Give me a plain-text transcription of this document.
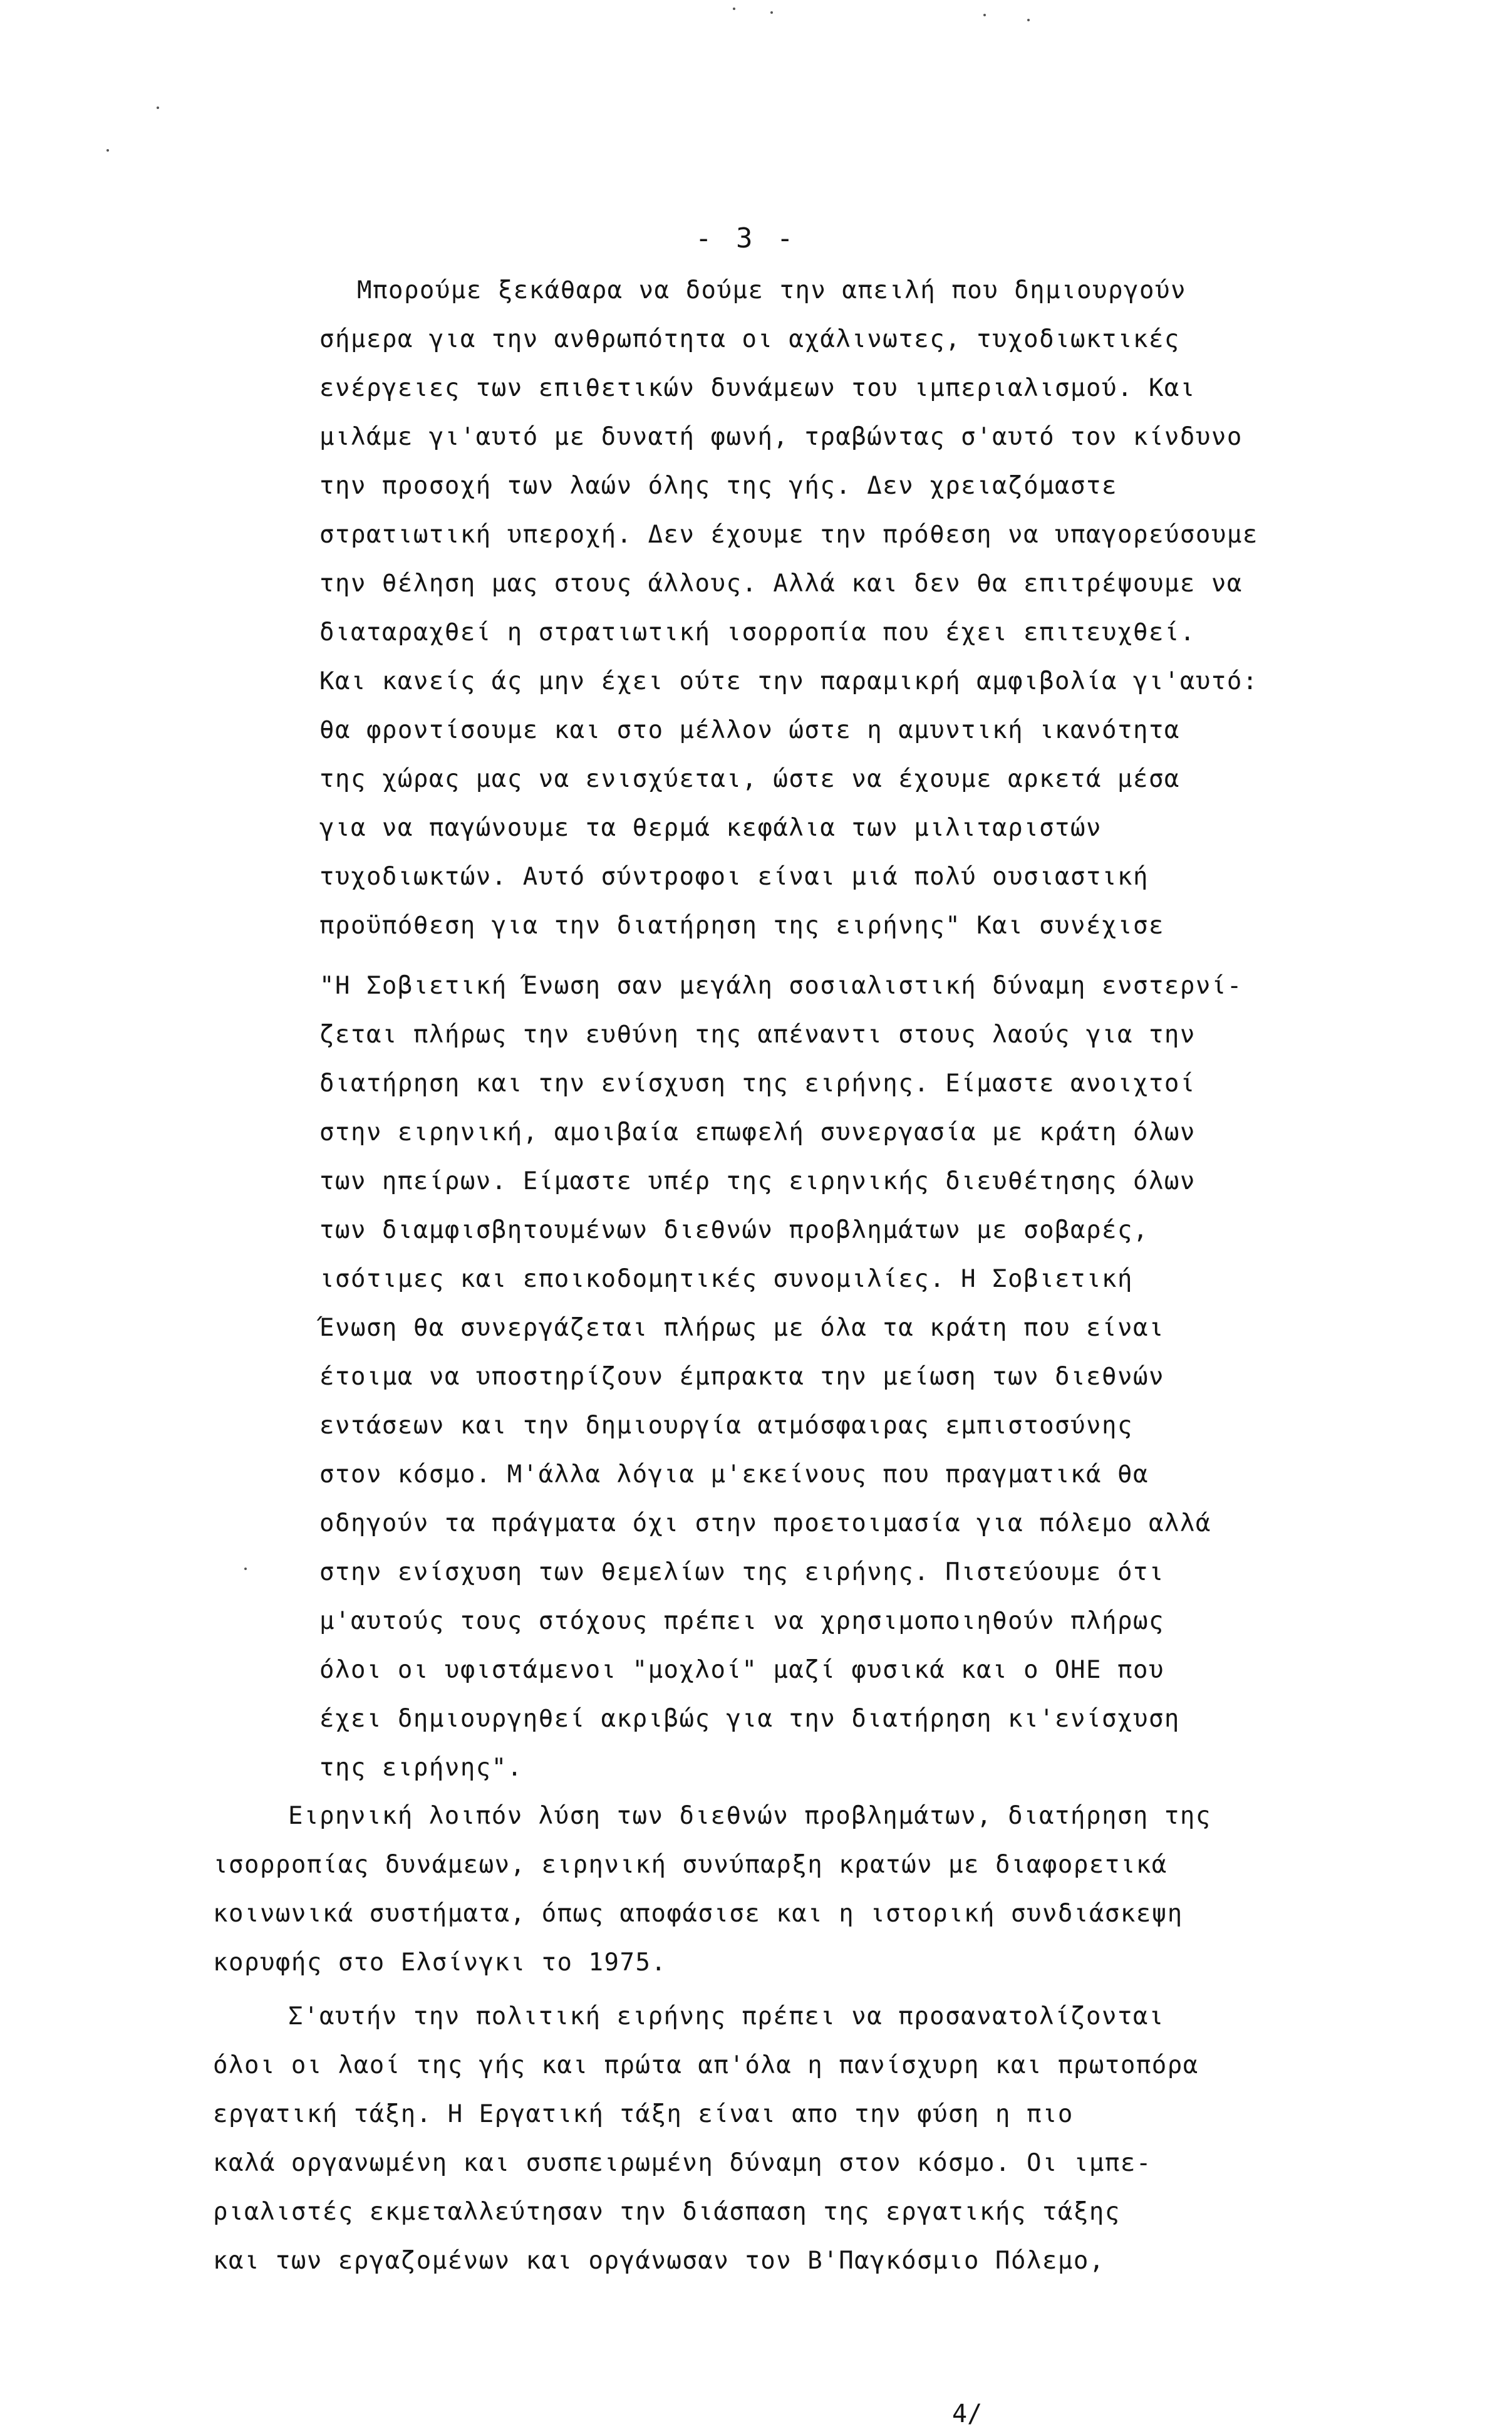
- 3 -
Μπορούμε ξεκάθαρα να δούμε την απειλή που δημιουργούν
σήμερα για την ανθρωπότητα οι αχάλινωτες, τυχοδιωκτικές
ενέργειες των επιθετικών δυνάμεων του ιμπεριαλισμού. Και
μιλάμε γι'αυτό με δυνατή φωνή, τραβώντας σ'αυτό τον κίνδυνο
την προσοχή των λαών όλης της γής. Δεν χρειαζόμαστε
στρατιωτική υπεροχή. Δεν έχουμε την πρόθεση να υπαγορεύσουμε
την θέληση μας στους άλλους. Αλλά και δεν θα επιτρέψουμε να
διαταραχθεί η στρατιωτική ισορροπία που έχει επιτευχθεί.
Και κανείς άς μην έχει ούτε την παραμικρή αμφιβολία γι'αυτό:
θα φροντίσουμε και στο μέλλον ώστε η αμυντική ικανότητα
της χώρας μας να ενισχύεται, ώστε να έχουμε αρκετά μέσα
για να παγώνουμε τα θερμά κεφάλια των μιλιταριστών
τυχοδιωκτών. Αυτό σύντροφοι είναι μιά πολύ ουσιαστική
προϋπόθεση για την διατήρηση της ειρήνης" Και συνέχισε
"Η Σοβιετική Ένωση σαν μεγάλη σοσιαλιστική δύναμη ενστερνί-
ζεται πλήρως την ευθύνη της απέναντι στους λαούς για την
διατήρηση και την ενίσχυση της ειρήνης. Είμαστε ανοιχτοί
στην ειρηνική, αμοιβαία επωφελή συνεργασία με κράτη όλων
των ηπείρων. Είμαστε υπέρ της ειρηνικής διευθέτησης όλων
των διαμφισβητουμένων διεθνών προβλημάτων με σοβαρές,
ισότιμες και εποικοδομητικές συνομιλίες. Η Σοβιετική
Ένωση θα συνεργάζεται πλήρως με όλα τα κράτη που είναι
έτοιμα να υποστηρίζουν έμπρακτα την μείωση των διεθνών
εντάσεων και την δημιουργία ατμόσφαιρας εμπιστοσύνης
στον κόσμο. Μ'άλλα λόγια μ'εκείνους που πραγματικά θα
οδηγούν τα πράγματα όχι στην προετοιμασία για πόλεμο αλλά
στην ενίσχυση των θεμελίων της ειρήνης. Πιστεύουμε ότι
μ'αυτούς τους στόχους πρέπει να χρησιμοποιηθούν πλήρως
όλοι οι υφιστάμενοι "μοχλοί" μαζί φυσικά και ο ΟΗΕ που
έχει δημιουργηθεί ακριβώς για την διατήρηση κι'ενίσχυση
της ειρήνης".
Ειρηνική λοιπόν λύση των διεθνών προβλημάτων, διατήρηση της
ισορροπίας δυνάμεων, ειρηνική συνύπαρξη κρατών με διαφορετικά
κοινωνικά συστήματα, όπως αποφάσισε και η ιστορική συνδιάσκεψη
κορυφής στο Ελσίνγκι το 1975.
Σ'αυτήν την πολιτική ειρήνης πρέπει να προσανατολίζονται
όλοι οι λαοί της γής και πρώτα απ'όλα η πανίσχυρη και πρωτοπόρα
εργατική τάξη. Η Εργατική τάξη είναι απο την φύση η πιο
καλά οργανωμένη και συσπειρωμένη δύναμη στον κόσμο. Οι ιμπε-
ριαλιστές εκμεταλλεύτησαν την διάσπαση της εργατικής τάξης
και των εργαζομένων και οργάνωσαν τον Β'Παγκόσμιο Πόλεμο,
4/
